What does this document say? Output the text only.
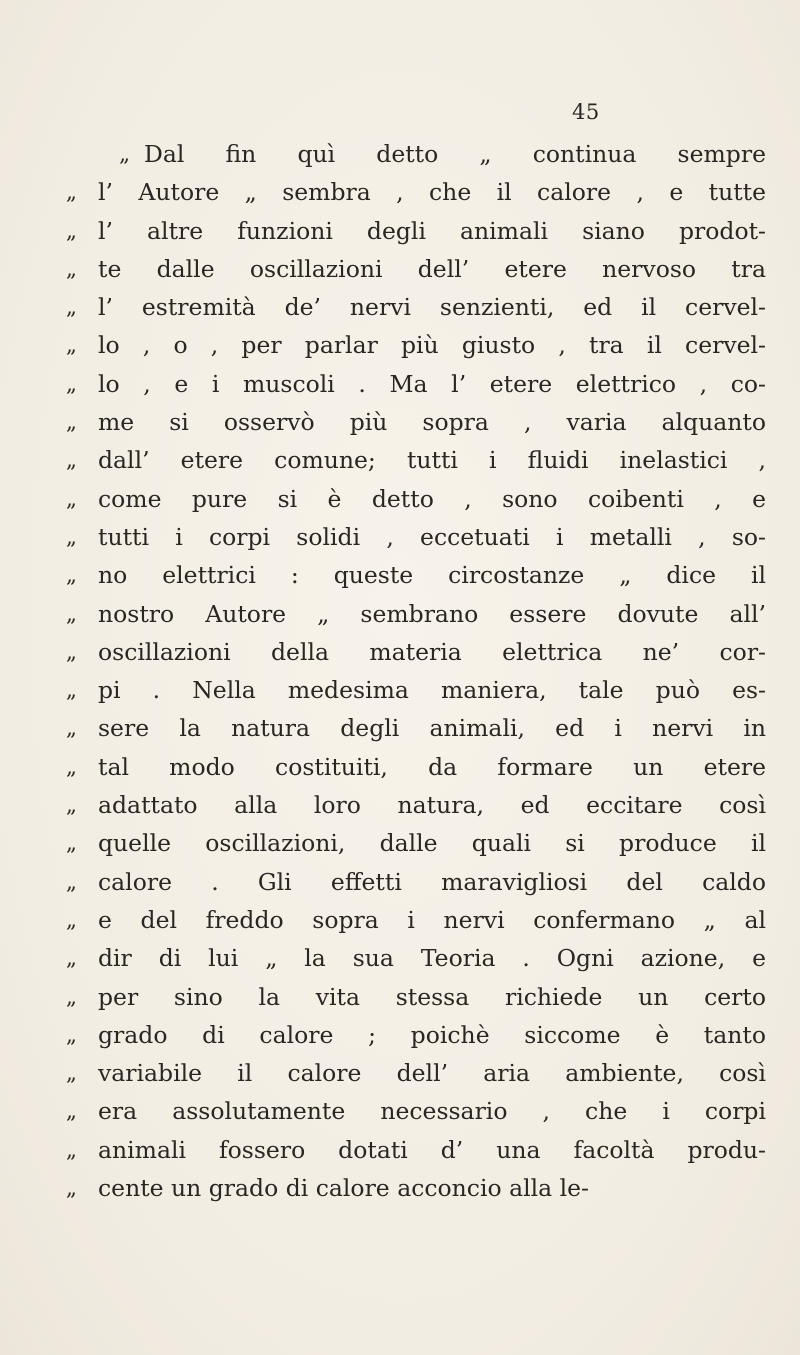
45
„ Dal fin quì detto „ continua sempre
„ l’ Autore „ sembra , che il calore , e tutte
„ l’ altre funzioni degli animali siano prodot-
„ te dalle oscillazioni dell’ etere nervoso tra
„ l’ estremità de’ nervi senzienti, ed il cervel-
„ lo , o , per parlar più giusto , tra il cervel-
„ lo , e i muscoli . Ma l’ etere elettrico , co-
„ me si osservò più sopra , varia alquanto
„ dall’ etere comune; tutti i fluidi inelastici ,
„ come pure si è detto , sono coibenti , e
„ tutti i corpi solidi , eccetuati i metalli , so-
„ no elettrici : queste circostanze „ dice il
„ nostro Autore „ sembrano essere dovute all’
„ oscillazioni della materia elettrica ne’ cor-
„ pi . Nella medesima maniera, tale può es-
„ sere la natura degli animali, ed i nervi in
„ tal modo costituiti, da formare un etere
„ adattato alla loro natura, ed eccitare così
„ quelle oscillazioni, dalle quali si produce il
„ calore . Gli effetti maravigliosi del caldo
„ e del freddo sopra i nervi confermano „ al
„ dir di lui „ la sua Teoria . Ogni azione, e
„ per sino la vita stessa richiede un certo
„ grado di calore ; poichè siccome è tanto
„ variabile il calore dell’ aria ambiente, così
„ era assolutamente necessario , che i corpi
„ animali fossero dotati d’ una facoltà produ-
„ cente un grado di calore acconcio alla le-
